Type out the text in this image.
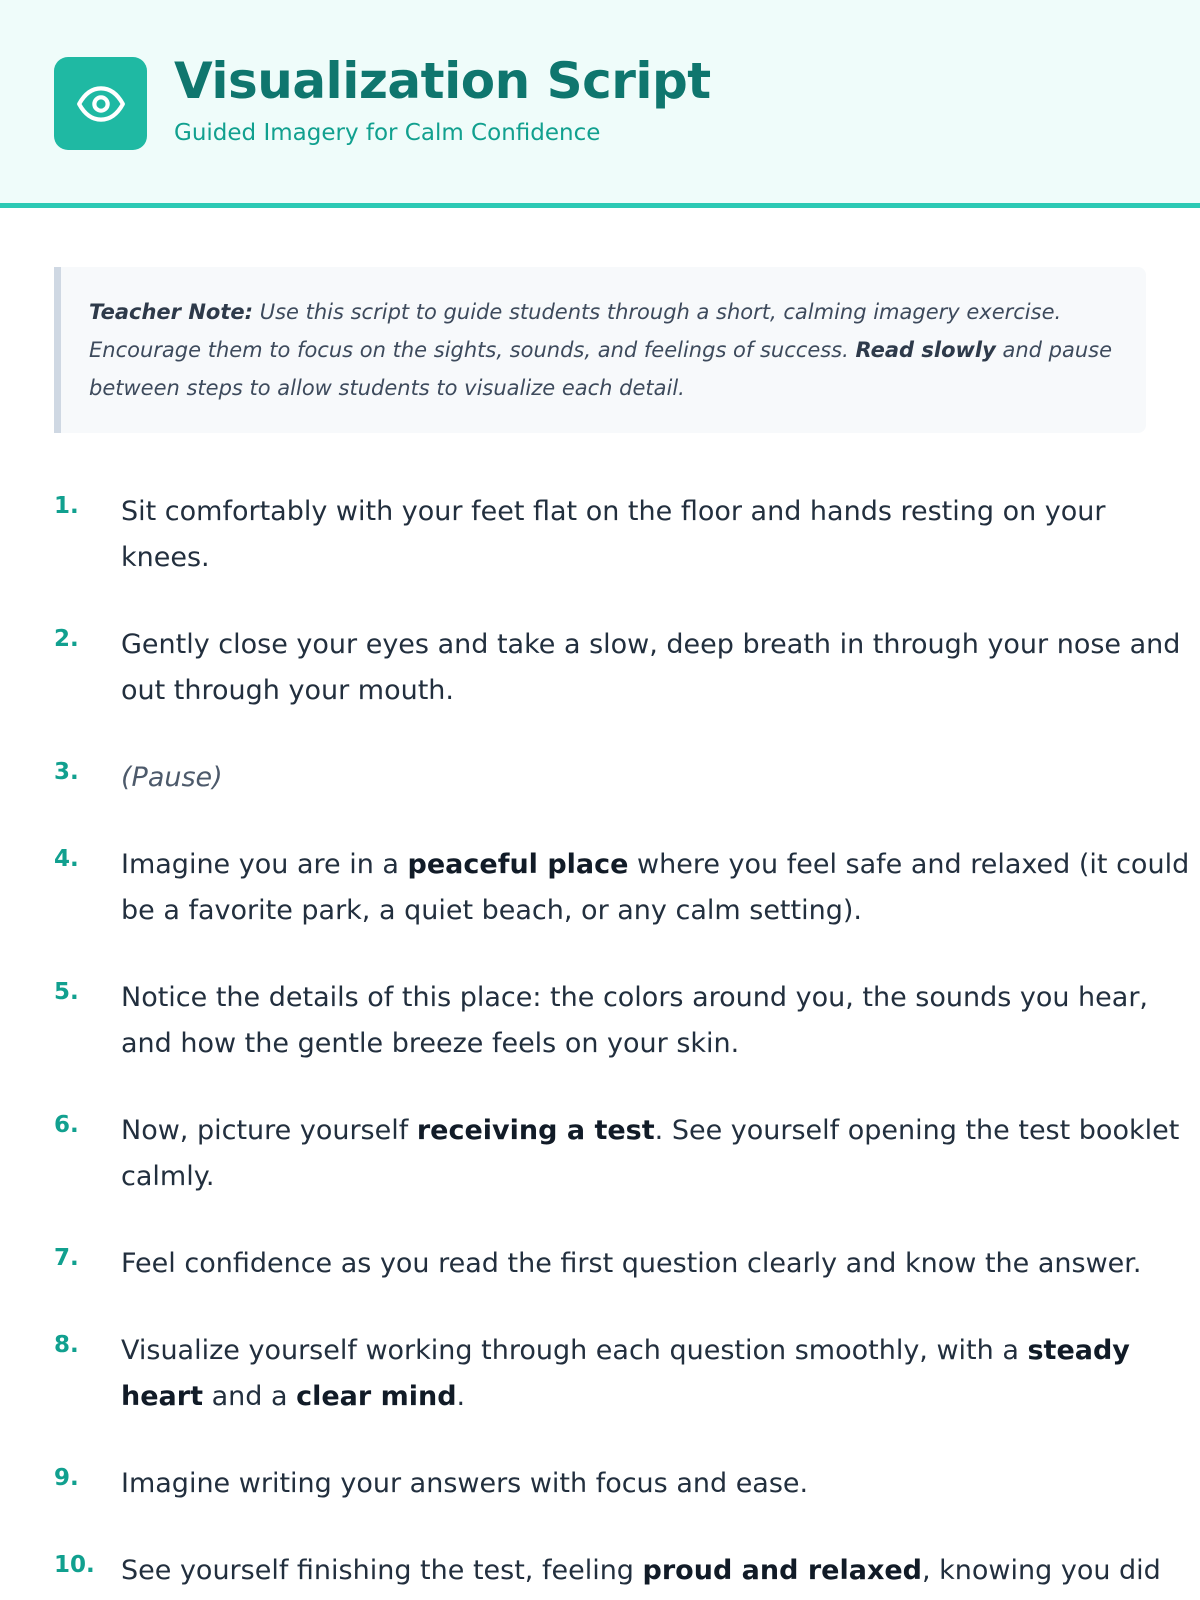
Visualization Script

Guided Imagery for Calm Confidence

Teacher Note: Use this script to guide students through a short, calming imagery exercise. Encourage them to focus on the sights, sounds, and feelings of success. Read slowly and pause between steps to allow students to visualize each detail.
1. Sit comfortably with your feet flat on the floor and hands resting on your knees.
2. Gently close your eyes and take a slow, deep breath in through your nose and out through your mouth.
3. (Pause)
4. Imagine you are in a peaceful place where you feel safe and relaxed (it could be a favorite park, a quiet beach, or any calm setting).
5. Notice the details of this place: the colors around you, the sounds you hear, and how the gentle breeze feels on your skin.
6. Now, picture yourself receiving a test. See yourself opening the test booklet calmly.
7. Feel confidence as you read the first question clearly and know the answer.
8. Visualize yourself working through each question smoothly, with a steady heart and a clear mind.
9. Imagine writing your answers with focus and ease.
10. See yourself finishing the test, feeling proud and relaxed, knowing you did
